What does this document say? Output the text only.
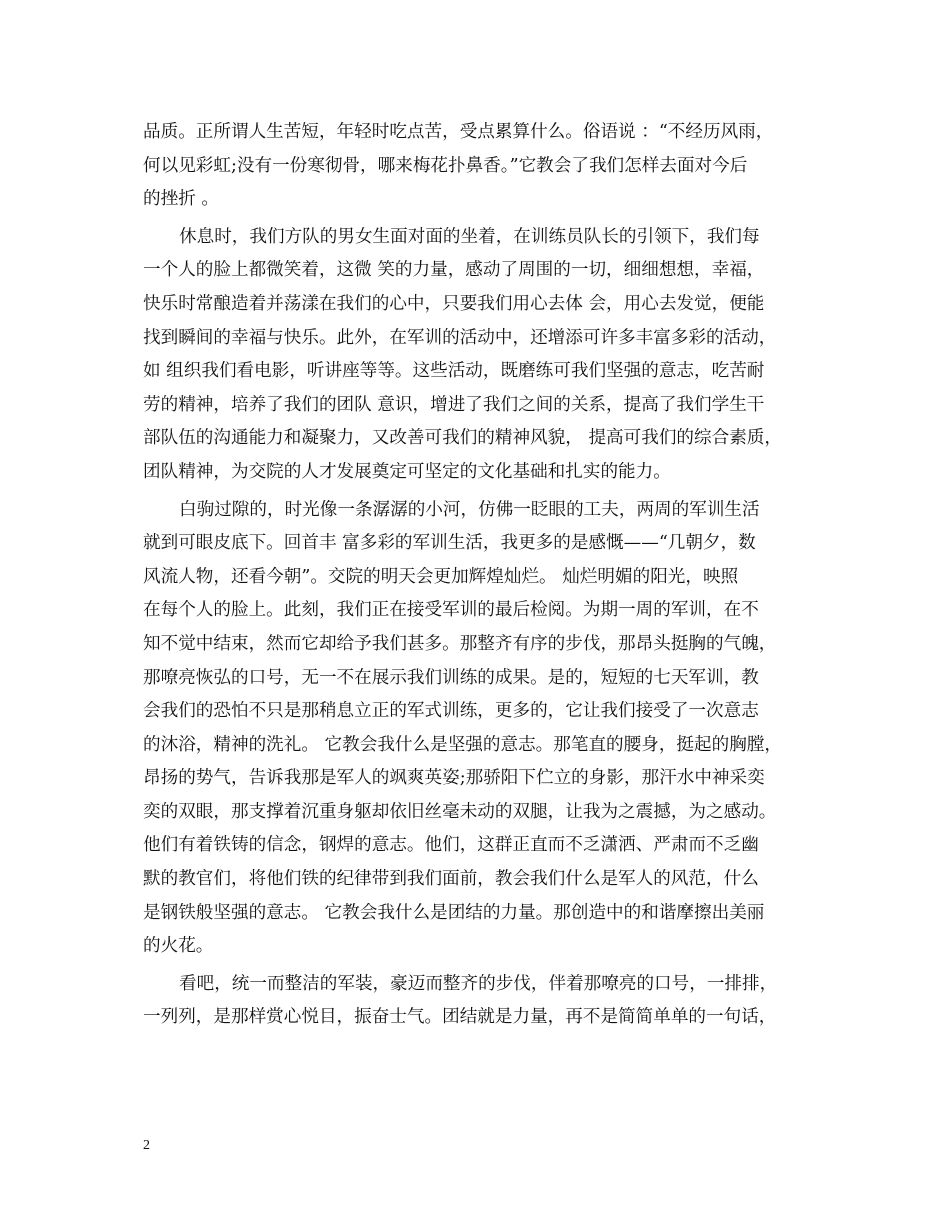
品质。正所谓人生苦短，年轻时吃点苦，受点累算什么。俗语说 ：“不经历风雨，
何以见彩虹;没有一份寒彻骨，哪来梅花扑鼻香。”它教会了我们怎样去面对今后
的挫折 。
休息时，我们方队的男女生面对面的坐着，在训练员队长的引领下，我们每
一个人的脸上都微笑着，这微 笑的力量，感动了周围的一切，细细想想，幸福，
快乐时常酿造着并荡漾在我们的心中，只要我们用心去体 会，用心去发觉，便能
找到瞬间的幸福与快乐。此外，在军训的活动中，还增添可许多丰富多彩的活动，
如 组织我们看电影，听讲座等等。这些活动，既磨练可我们坚强的意志，吃苦耐
劳的精神，培养了我们的团队 意识，增进了我们之间的关系，提高了我们学生干
部队伍的沟通能力和凝聚力，又改善可我们的精神风貌， 提高可我们的综合素质，
团队精神，为交院的人才发展奠定可坚定的文化基础和扎实的能力。
白驹过隙的，时光像一条潺潺的小河，仿佛一眨眼的工夫，两周的军训生活
就到可眼皮底下。回首丰 富多彩的军训生活，我更多的是感慨——“几朝夕，数
风流人物，还看今朝”。交院的明天会更加辉煌灿烂。 灿烂明媚的阳光，映照
在每个人的脸上。此刻，我们正在接受军训的最后检阅。为期一周的军训，在不
知不觉中结束，然而它却给予我们甚多。那整齐有序的步伐，那昂头挺胸的气魄，
那嘹亮恢弘的口号，无一不在展示我们训练的成果。是的，短短的七天军训，教
会我们的恐怕不只是那稍息立正的军式训练，更多的，它让我们接受了一次意志
的沐浴，精神的洗礼。 它教会我什么是坚强的意志。那笔直的腰身，挺起的胸膛，
昂扬的势气，告诉我那是军人的飒爽英姿;那骄阳下伫立的身影，那汗水中神采奕
奕的双眼，那支撑着沉重身躯却依旧丝毫未动的双腿，让我为之震撼，为之感动。
他们有着铁铸的信念，钢焊的意志。他们，这群正直而不乏潇洒、严肃而不乏幽
默的教官们，将他们铁的纪律带到我们面前，教会我们什么是军人的风范，什么
是钢铁般坚强的意志。 它教会我什么是团结的力量。那创造中的和谐摩擦出美丽
的火花。
看吧，统一而整洁的军装，豪迈而整齐的步伐，伴着那嘹亮的口号，一排排，
一列列，是那样赏心悦目，振奋士气。团结就是力量，再不是简简单单的一句话，
2
